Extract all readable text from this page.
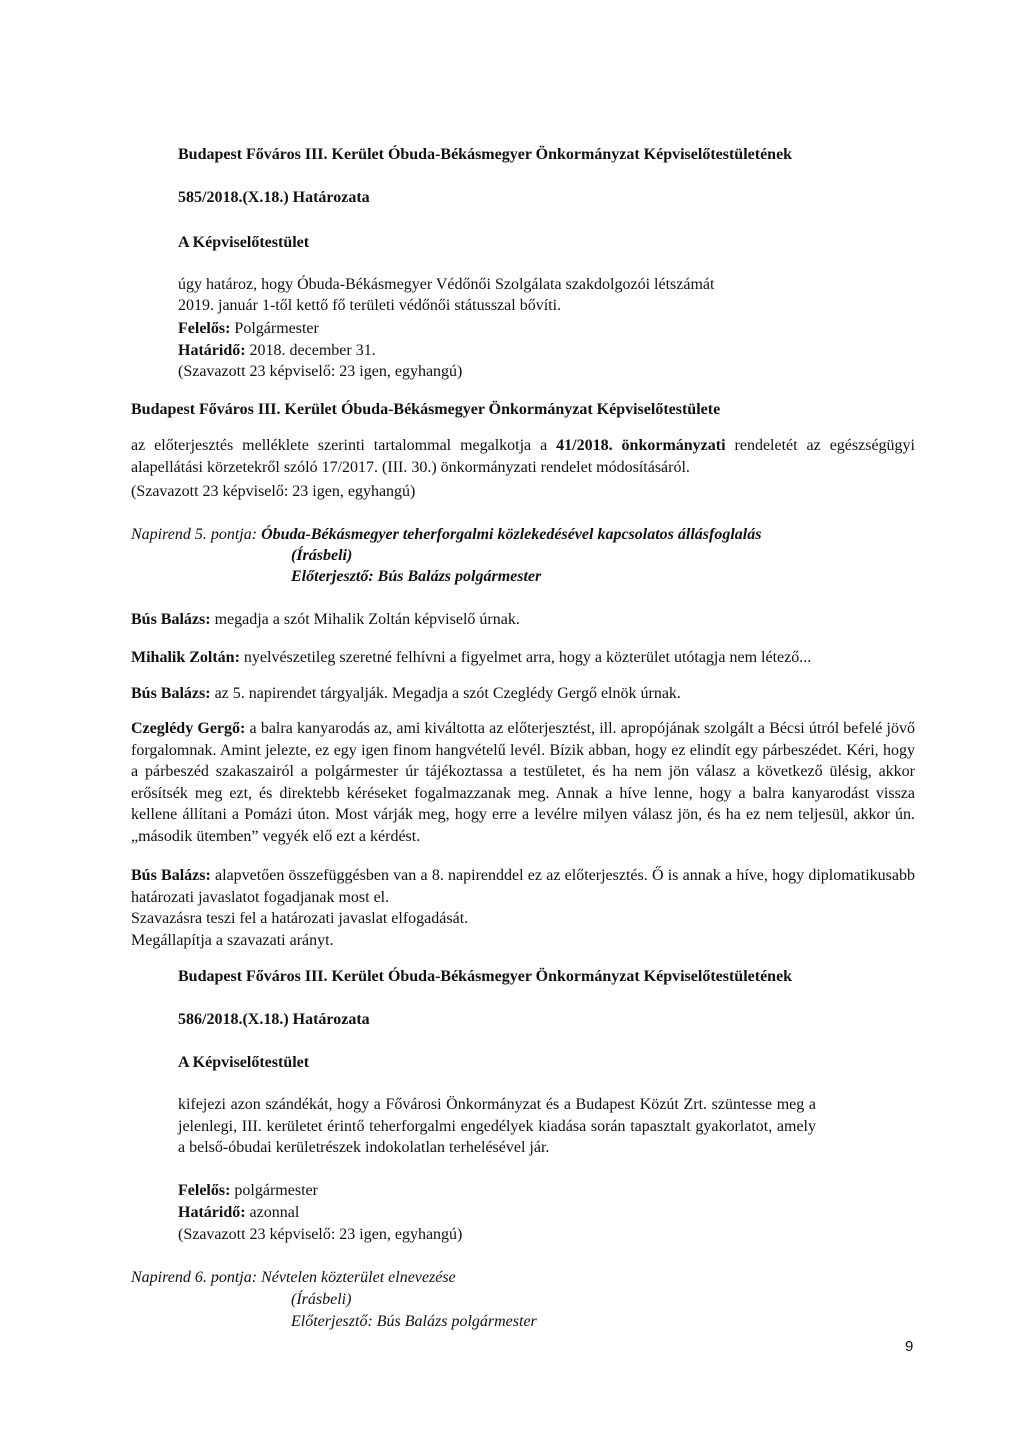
Budapest Főváros III. Kerület Óbuda-Békásmegyer Önkormányzat Képviselőtestületének
585/2018.(X.18.) Határozata
A Képviselőtestület
úgy határoz, hogy Óbuda-Békásmegyer Védőnői Szolgálata szakdolgozói létszámát
2019. január 1-től kettő fő területi védőnői státusszal bővíti.
Felelős: Polgármester
Határidő: 2018. december 31.
(Szavazott 23 képviselő: 23 igen, egyhangú)
Budapest Főváros III. Kerület Óbuda-Békásmegyer Önkormányzat Képviselőtestülete
az előterjesztés melléklete szerinti tartalommal megalkotja a 41/2018. önkormányzati rendeletét az egészségügyi alapellátási körzetekről szóló 17/2017. (III. 30.) önkormányzati rendelet módosításáról.
(Szavazott 23 képviselő: 23 igen, egyhangú)
Napirend 5. pontja: Óbuda-Békásmegyer teherforgalmi közlekedésével kapcsolatos állásfoglalás
(Írásbeli)
Előterjesztő: Bús Balázs polgármester
Bús Balázs: megadja a szót Mihalik Zoltán képviselő úrnak.
Mihalik Zoltán: nyelvészetileg szeretné felhívni a figyelmet arra, hogy a közterület utótagja nem létező...
Bús Balázs: az 5. napirendet tárgyalják. Megadja a szót Czeglédy Gergő elnök úrnak.
Czeglédy Gergő: a balra kanyarodás az, ami kiváltotta az előterjesztést, ill. apropójának szolgált a Bécsi útról befelé jövő forgalomnak. Amint jelezte, ez egy igen finom hangvételű levél. Bízik abban, hogy ez elindít egy párbeszédet. Kéri, hogy a párbeszéd szakaszairól a polgármester úr tájékoztassa a testületet, és ha nem jön válasz a következő ülésig, akkor erősítsék meg ezt, és direktebb kéréseket fogalmazzanak meg. Annak a híve lenne, hogy a balra kanyarodást vissza kellene állítani a Pomázi úton. Most várják meg, hogy erre a levélre milyen válasz jön, és ha ez nem teljesül, akkor ún. „második ütemben” vegyék elő ezt a kérdést.
Bús Balázs: alapvetően összefüggésben van a 8. napirenddel ez az előterjesztés. Ő is annak a híve, hogy diplomatikusabb határozati javaslatot fogadjanak most el.
Szavazásra teszi fel a határozati javaslat elfogadását.
Megállapítja a szavazati arányt.
Budapest Főváros III. Kerület Óbuda-Békásmegyer Önkormányzat Képviselőtestületének
586/2018.(X.18.) Határozata
A Képviselőtestület
kifejezi azon szándékát, hogy a Fővárosi Önkormányzat és a Budapest Közút Zrt. szüntesse meg a jelenlegi, III. kerületet érintő teherforgalmi engedélyek kiadása során tapasztalt gyakorlatot, amely a belső-óbudai kerületrészek indokolatlan terhelésével jár.
Felelős: polgármester
Határidő: azonnal
(Szavazott 23 képviselő: 23 igen, egyhangú)
Napirend 6. pontja: Névtelen közterület elnevezése
(Írásbeli)
Előterjesztő: Bús Balázs polgármester
9
